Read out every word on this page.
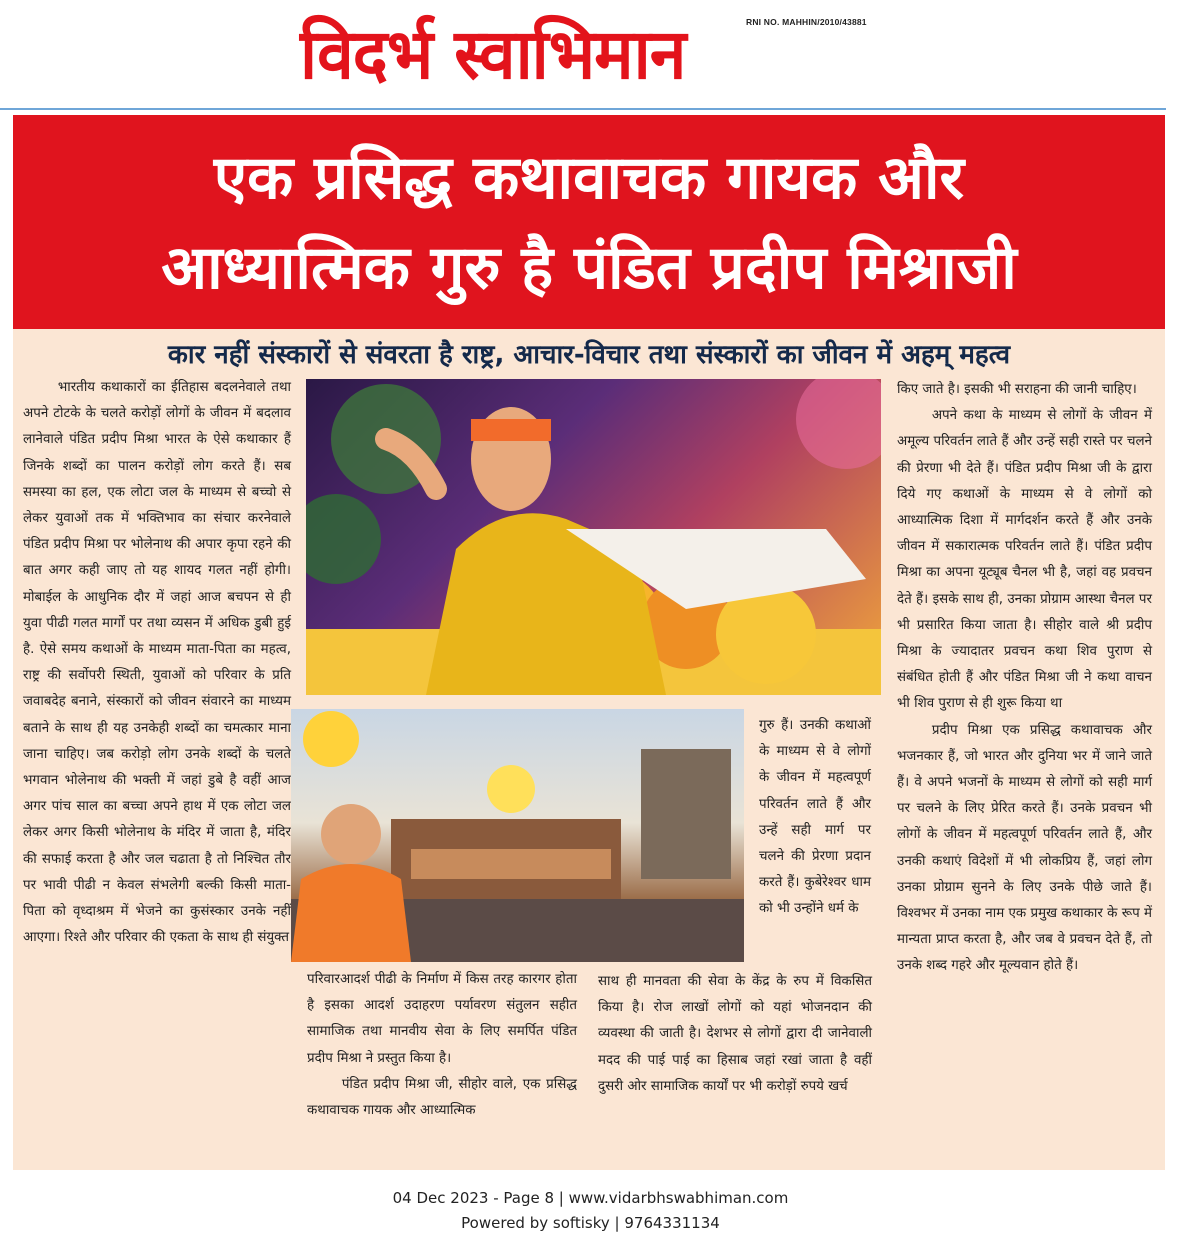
विदर्भ स्वाभिमान	RNI NO. MAHHIN/2010/43881
एक प्रसिद्ध कथावाचक गायक और
आध्यात्मिक गुरु है पंडित प्रदीप मिश्राजी
कार नहीं संस्कारों से संवरता है राष्ट्र, आचार-विचार तथा संस्कारों का जीवन में अहम् महत्व

भारतीय कथाकारों का ईतिहास बदलनेवाले तथा अपने टोटके के चलते करोड़ों लोगों के जीवन में बदलाव लानेवाले पंडित प्रदीप मिश्रा भारत के ऐसे कथाकार हैं जिनके शब्दों का पालन करोड़ों लोग करते हैं। सब समस्या का हल, एक लोटा जल के माध्यम से बच्चो से लेकर युवाओं तक में भक्तिभाव का संचार करनेवाले पंडित प्रदीप मिश्रा पर भोलेनाथ की अपार कृपा रहने की बात अगर कही जाए तो यह शायद गलत नहीं होगी। मोबाईल के आधुनिक दौर में जहां आज बचपन से ही युवा पीढी गलत मार्गों पर तथा व्यसन में अधिक डुबी हुई है. ऐसे समय कथाओं के माध्यम माता-पिता का महत्व, राष्ट्र की सर्वोपरी स्थिती, युवाओं को परिवार के प्रति जवाबदेह बनाने, संस्कारों को जीवन संवारने का माध्यम बताने के साथ ही यह उनकेही शब्दों का चमत्कार माना जाना चाहिए। जब करोड़ो लोग उनके शब्दों के चलते भगवान भोलेनाथ की भक्ती में जहां डुबे है वहीं आज अगर पांच साल का बच्चा अपने हाथ में एक लोटा जल लेकर अगर किसी भोलेनाथ के मंदिर में जाता है, मंदिर की सफाई करता है और जल चढाता है तो निश्चित तौर पर भावी पीढी न केवल संभलेगी बल्की किसी माता-पिता को वृध्दाश्रम में भेजने का कुसंस्कार उनके नहीं आएगा। रिश्ते और परिवार की एकता के साथ ही संयुक्त

परिवारआदर्श पीढी के निर्माण में किस तरह कारगर होता है इसका आदर्श उदाहरण पर्यावरण संतुलन सहीत सामाजिक तथा मानवीय सेवा के लिए समर्पित पंडित प्रदीप मिश्रा ने प्रस्तुत किया है।

पंडित प्रदीप मिश्रा जी, सीहोर वाले, एक प्रसिद्ध कथावाचक गायक और आध्यात्मिक

गुरु हैं। उनकी कथाओं के माध्यम से वे लोगों के जीवन में महत्वपूर्ण परिवर्तन लाते हैं और उन्हें सही मार्ग पर चलने की प्रेरणा प्रदान करते हैं। कुबेरेश्वर धाम को भी उन्होंने धर्म के
साथ ही मानवता की सेवा के केंद्र के रुप में विकसित किया है। रोज लाखों लोगों को यहां भोजनदान की व्यवस्था की जाती है। देशभर से लोगों द्वारा दी जानेवाली मदद की पाई पाई का हिसाब जहां रखां जाता है वहीं दुसरी ओर सामाजिक कार्यों पर भी करोड़ों रुपये खर्च
किए जाते है। इसकी भी सराहना की जानी चाहिए।

अपने कथा के माध्यम से लोगों के जीवन में अमूल्य परिवर्तन लाते हैं और उन्हें सही रास्ते पर चलने की प्रेरणा भी देते हैं। पंडित प्रदीप मिश्रा जी के द्वारा दिये गए कथाओं के माध्यम से वे लोगों को आध्यात्मिक दिशा में मार्गदर्शन करते हैं और उनके जीवन में सकारात्मक परिवर्तन लाते हैं। पंडित प्रदीप मिश्रा का अपना यूट्यूब चैनल भी है, जहां वह प्रवचन देते हैं। इसके साथ ही, उनका प्रोग्राम आस्था चैनल पर भी प्रसारित किया जाता है। सीहोर वाले श्री प्रदीप मिश्रा के ज्यादातर प्रवचन कथा शिव पुराण से संबंधित होती हैं और पंडित मिश्रा जी ने कथा वाचन भी शिव पुराण से ही शुरू किया था

प्रदीप मिश्रा एक प्रसिद्ध कथावाचक और भजनकार हैं, जो भारत और दुनिया भर में जाने जाते हैं। वे अपने भजनों के माध्यम से लोगों को सही मार्ग पर चलने के लिए प्रेरित करते हैं। उनके प्रवचन भी लोगों के जीवन में महत्वपूर्ण परिवर्तन लाते हैं, और उनकी कथाएं विदेशों में भी लोकप्रिय हैं, जहां लोग उनका प्रोग्राम सुनने के लिए उनके पीछे जाते हैं। विश्वभर में उनका नाम एक प्रमुख कथाकार के रूप में मान्यता प्राप्त करता है, और जब वे प्रवचन देते हैं, तो उनके शब्द गहरे और मूल्यवान होते हैं।

04 Dec 2023 - Page 8 | www.vidarbhswabhiman.com
Powered by softisky | 9764331134
